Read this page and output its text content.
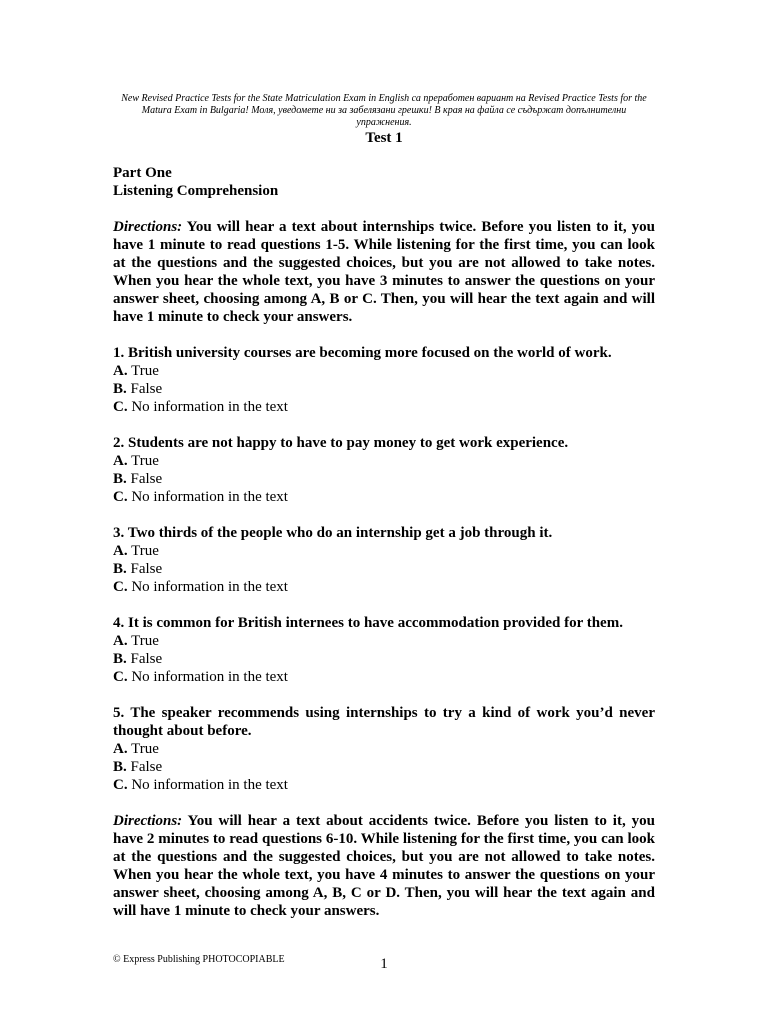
New Revised Practice Tests for the State Matriculation Exam in English са преработен вариант на Revised Practice Tests for the Matura Exam in Bulgaria! Моля, уведомете ни за забелязани грешки! В края на файла се съдържат допълнителни упражнения.
Test 1
Part One
Listening Comprehension
Directions: You will hear a text about internships twice. Before you listen to it, you have 1 minute to read questions 1-5. While listening for the first time, you can look at the questions and the suggested choices, but you are not allowed to take notes. When you hear the whole text, you have 3 minutes to answer the questions on your answer sheet, choosing among A, B or C. Then, you will hear the text again and will have 1 minute to check your answers.
1. British university courses are becoming more focused on the world of work.
A. True
B. False
C. No information in the text
2. Students are not happy to have to pay money to get work experience.
A. True
B. False
C. No information in the text
3. Two thirds of the people who do an internship get a job through it.
A. True
B. False
C. No information in the text
4. It is common for British internees to have accommodation provided for them.
A. True
B. False
C. No information in the text
5. The speaker recommends using internships to try a kind of work you’d never thought about before.
A. True
B. False
C. No information in the text
Directions: You will hear a text about accidents twice. Before you listen to it, you have 2 minutes to read questions 6-10. While listening for the first time, you can look at the questions and the suggested choices, but you are not allowed to take notes. When you hear the whole text, you have 4 minutes to answer the questions on your answer sheet, choosing among A, B, C or D. Then, you will hear the text again and will have 1 minute to check your answers.
© Express Publishing PHOTOCOPIABLE	1
